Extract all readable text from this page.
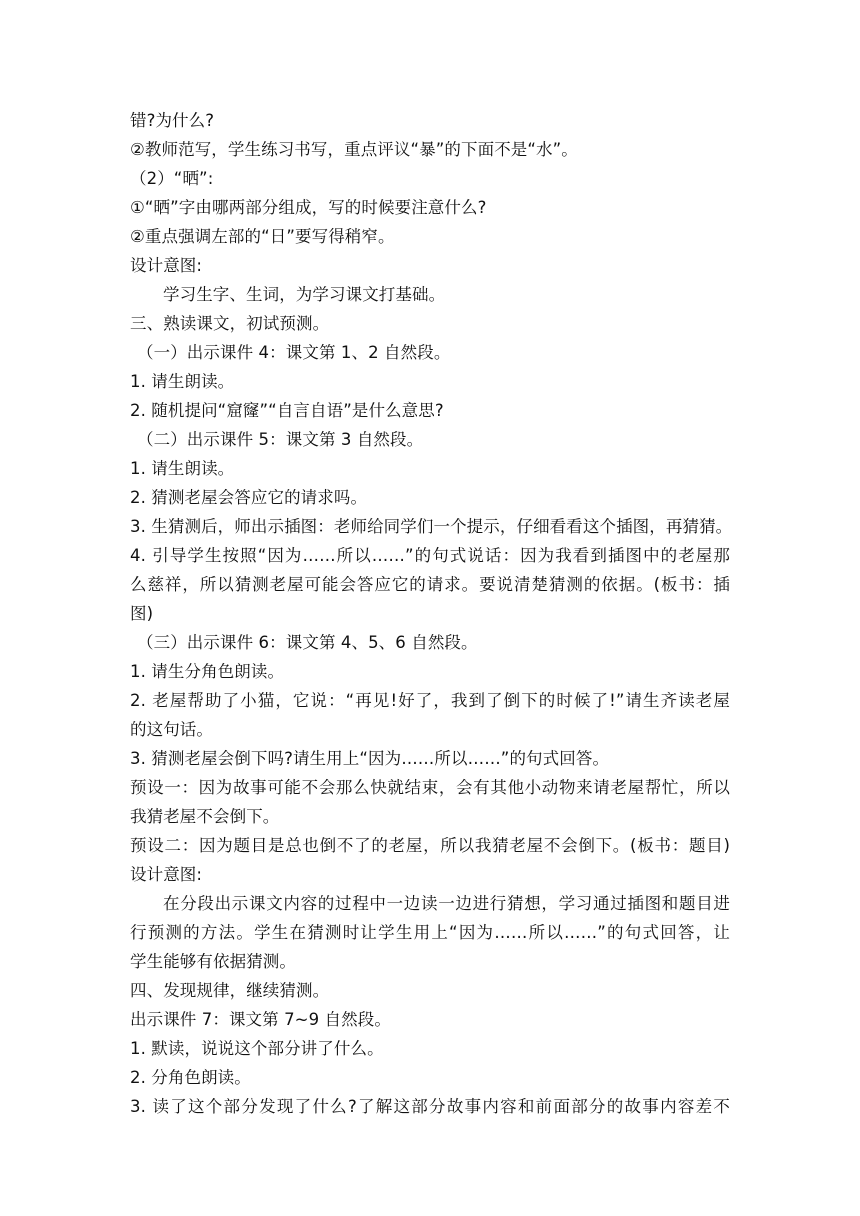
错?为什么?
②教师范写，学生练习书写，重点评议“暴”的下面不是“水”。
（2）“晒”:
①“晒”字由哪两部分组成，写的时候要注意什么?
②重点强调左部的“日”要写得稍窄。
设计意图:
学习生字、生词，为学习课文打基础。
三、熟读课文，初试预测。
（一）出示课件 4：课文第 1、2 自然段。
1. 请生朗读。
2. 随机提问“窟窿”“自言自语”是什么意思?
（二）出示课件 5：课文第 3 自然段。
1. 请生朗读。
2. 猜测老屋会答应它的请求吗。
3. 生猜测后，师出示插图：老师给同学们一个提示，仔细看看这个插图，再猜猜。
4. 引导学生按照“因为……所以……”的句式说话：因为我看到插图中的老屋那
么慈祥，所以猜测老屋可能会答应它的请求。要说清楚猜测的依据。(板书：插
图)
（三）出示课件 6：课文第 4、5、6 自然段。
1. 请生分角色朗读。
2. 老屋帮助了小猫，它说：“再见!好了，我到了倒下的时候了!”请生齐读老屋
的这句话。
3. 猜测老屋会倒下吗?请生用上“因为……所以……”的句式回答。
预设一：因为故事可能不会那么快就结束，会有其他小动物来请老屋帮忙，所以
我猜老屋不会倒下。
预设二：因为题目是总也倒不了的老屋，所以我猜老屋不会倒下。(板书：题目)
设计意图:
在分段出示课文内容的过程中一边读一边进行猜想，学习通过插图和题目进
行预测的方法。学生在猜测时让学生用上“因为……所以……”的句式回答，让
学生能够有依据猜测。
四、发现规律，继续猜测。
出示课件 7：课文第 7~9 自然段。
1. 默读，说说这个部分讲了什么。
2. 分角色朗读。
3. 读了这个部分发现了什么?了解这部分故事内容和前面部分的故事内容差不
